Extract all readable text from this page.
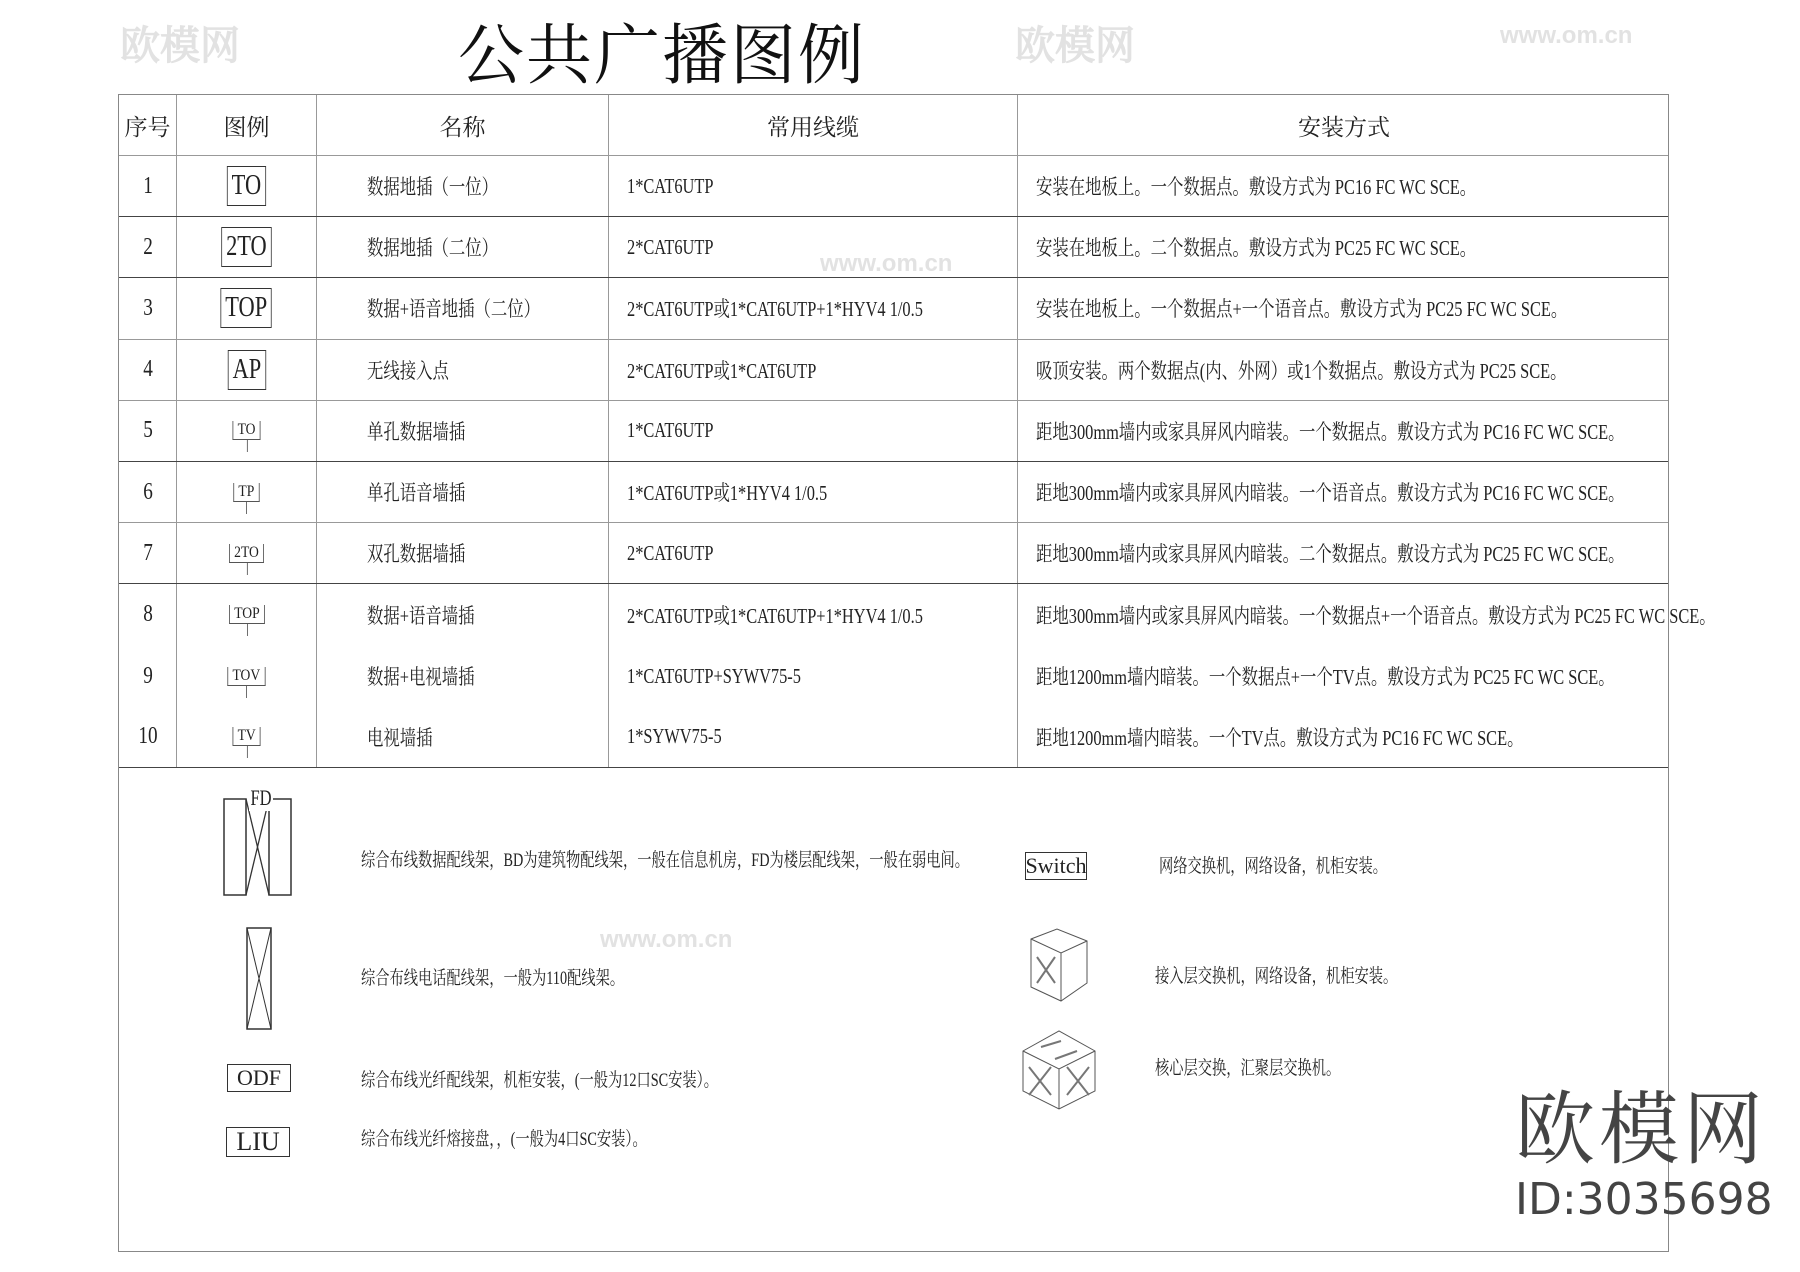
公共广播图例
欧模网	欧模网	www.om.cn
www.om.cn
www.om.cn
序号	图例	名称	常用线缆	安装方式
1	TO	数据地插（一位）	1*CAT6UTP	安装在地板上。一个数据点。敷设方式为 PC16 FC WC SCE。
2	2TO	数据地插（二位）	2*CAT6UTP	安装在地板上。二个数据点。敷设方式为 PC25 FC WC SCE。
3	TOP	数据+语音地插（二位）	2*CAT6UTP或1*CAT6UTP+1*HYV4 1/0.5	安装在地板上。一个数据点+一个语音点。敷设方式为 PC25 FC WC SCE。
4	AP	无线接入点	2*CAT6UTP或1*CAT6UTP	吸顶安装。两个数据点(内、外网）或1个数据点。敷设方式为 PC25 SCE。
5	TO	单孔数据墙插	1*CAT6UTP	距地300mm墙内或家具屏风内暗装。一个数据点。敷设方式为 PC16 FC WC SCE。
6	TP	单孔语音墙插	1*CAT6UTP或1*HYV4 1/0.5	距地300mm墙内或家具屏风内暗装。一个语音点。敷设方式为 PC16 FC WC SCE。
7	2TO	双孔数据墙插	2*CAT6UTP	距地300mm墙内或家具屏风内暗装。二个数据点。敷设方式为 PC25 FC WC SCE。
8	TOP	数据+语音墙插	2*CAT6UTP或1*CAT6UTP+1*HYV4 1/0.5	距地300mm墙内或家具屏风内暗装。一个数据点+一个语音点。敷设方式为 PC25 FC WC SCE。
9	TOV	数据+电视墙插	1*CAT6UTP+SYWV75-5	距地1200mm墙内暗装。一个数据点+一个TV点。敷设方式为 PC25 FC WC SCE。
10	TV	电视墙插	1*SYWV75-5	距地1200mm墙内暗装。一个TV点。敷设方式为 PC16 FC WC SCE。
FD
综合布线数据配线架，BD为建筑物配线架，一般在信息机房，FD为楼层配线架，一般在弱电间。
综合布线电话配线架，一般为110配线架。
ODF	综合布线光纤配线架，机柜安装，(一般为12口SC安装）。
LIU	综合布线光纤熔接盘，，(一般为4口SC安装）。
Switch	网络交换机，网络设备，机柜安装。
接入层交换机，网络设备，机柜安装。
核心层交换，汇聚层交换机。
欧模网
ID:3035698
